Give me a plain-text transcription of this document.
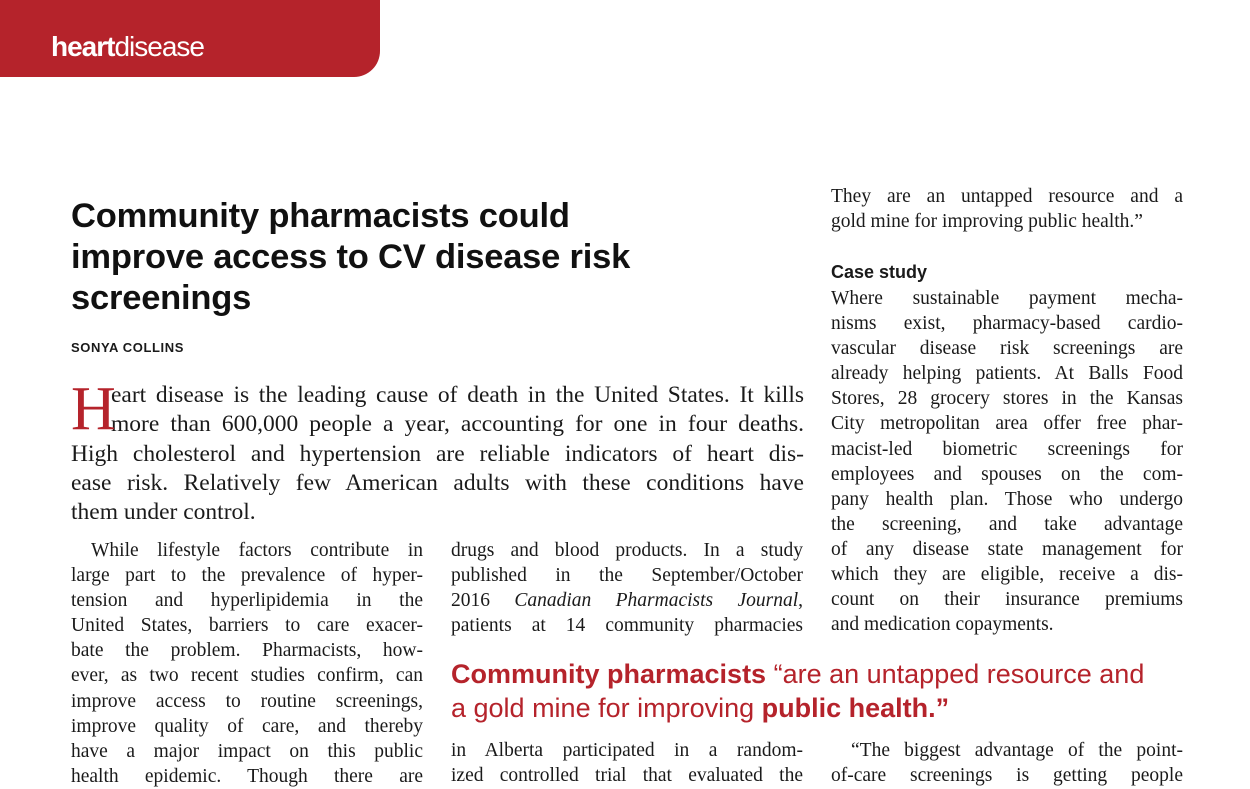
heartdisease

Community pharmacists could
improve access to CV disease risk
screenings

SONYA COLLINS

H
eart disease is the leading cause of death in the United States. It kills
more than 600,000 people a year, accounting for one in four deaths.
High cholesterol and hypertension are reliable indicators of heart dis-
ease risk. Relatively few American adults with these conditions have
them under control.
While lifestyle factors contribute in
large part to the prevalence of hyper-
tension and hyperlipidemia in the
United States, barriers to care exacer-
bate the problem. Pharmacists, how-
ever, as two recent studies confirm, can
improve access to routine screenings,
improve quality of care, and thereby
have a major impact on this public
health epidemic. Though there are
drugs and blood products. In a study
published in the September/October
2016 Canadian Pharmacists Journal,
patients at 14 community pharmacies
Community pharmacists “are an untapped resource and
a gold mine for improving public health.”
in Alberta participated in a random-
ized controlled trial that evaluated the
They are an untapped resource and a
gold mine for improving public health.”

Case study

Where sustainable payment mecha-
nisms exist, pharmacy-based cardio-
vascular disease risk screenings are
already helping patients. At Balls Food
Stores, 28 grocery stores in the Kansas
City metropolitan area offer free phar-
macist-led biometric screenings for
employees and spouses on the com-
pany health plan. Those who undergo
the screening, and take advantage
of any disease state management for
which they are eligible, receive a dis-
count on their insurance premiums
and medication copayments.
“The biggest advantage of the point-
of-care screenings is getting people
